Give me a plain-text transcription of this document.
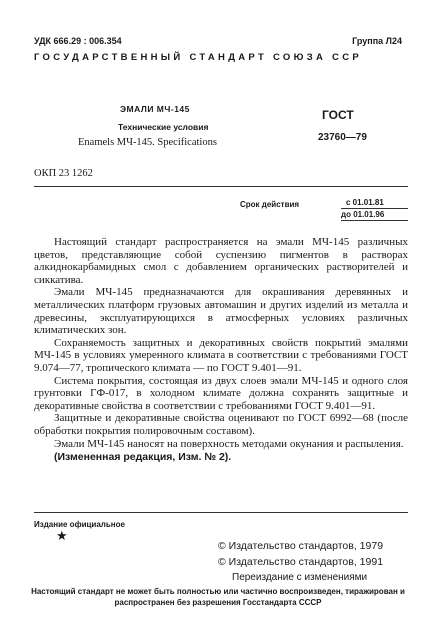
УДК 666.29 : 006.354	Группа Л24
ГОСУДАРСТВЕННЫЙ СТАНДАРТ СОЮЗА ССР
ЭМАЛИ МЧ-145
Технические условия
Enamels МЧ-145. Specifications
ГОСТ
23760—79
ОКП 23 1262
Срок действия	с 01.01.81
до 01.01.96

Настоящий стандарт распространяется на эмали МЧ-145 различных цветов, представляющие собой суспензию пигментов в растворах алкиднокарбамидных смол с добавлением органических растворителей и сиккатива.

Эмали МЧ-145 предназначаются для окрашивания деревянных и металлических платформ грузовых автомашин и других изделий из металла и древесины, эксплуатирующихся в атмосферных условиях различных климатических зон.

Сохраняемость защитных и декоративных свойств покрытий эмалями МЧ-145 в условиях умеренного климата в соответствии с требованиями ГОСТ 9.074—77, тропического климата — по ГОСТ 9.401—91.

Система покрытия, состоящая из двух слоев эмали МЧ-145 и одного слоя грунтовки ГФ-017, в холодном климате должна сохранять защитные и декоративные свойства в соответствии с требованиями ГОСТ 9.401—91.

Защитные и декоративные свойства оценивают по ГОСТ 6992—68 (после обработки покрытия полировочным составом).

Эмали МЧ-145 наносят на поверхность методами окунания и распыления.

(Измененная редакция, Изм. № 2).

Издание официальное
★
© Издательство стандартов, 1979
© Издательство стандартов, 1991
Переиздание с изменениями
Настоящий стандарт не может быть полностью или частично воспроизведен, тиражирован и распространен без разрешения Госстандарта СССР
